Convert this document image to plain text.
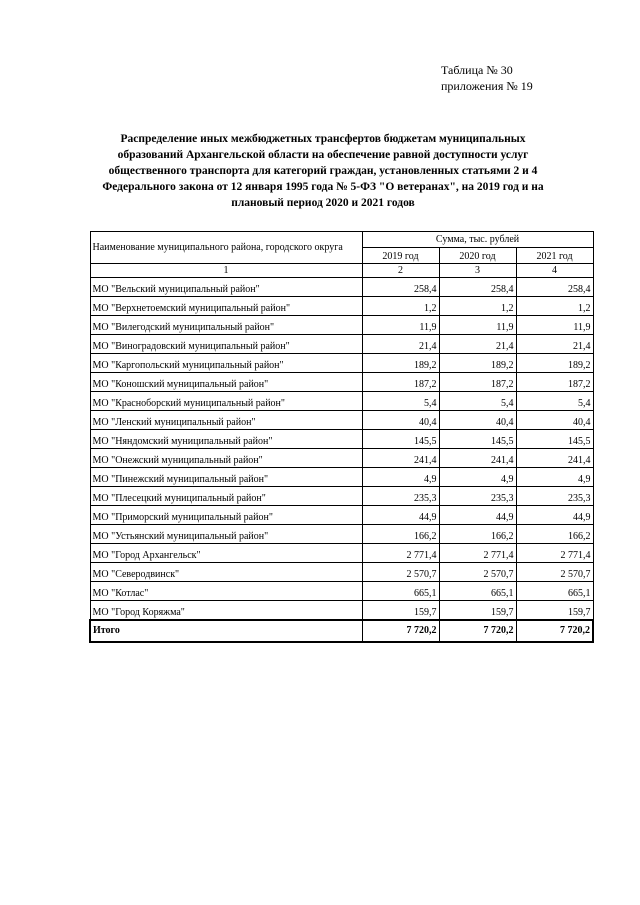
Таблица № 30
приложения № 19
Распределение иных межбюджетных трансфертов бюджетам муниципальных
образований Архангельской области на обеспечение равной доступности услуг
общественного транспорта для категорий граждан, установленных статьями 2 и 4
Федерального закона от 12 января 1995 года № 5-ФЗ "О ветеранах", на 2019 год и на
плановый период 2020 и 2021 годов
Наименование муниципального района, городского округа	Сумма, тыс. рублей		
	2019 год	2020 год	2021 год
1	2	3	4
МО "Вельский муниципальный район"	258,4	258,4	258,4
МО "Верхнетоемский муниципальный район"	1,2	1,2	1,2
МО "Вилегодский муниципальный район"	11,9	11,9	11,9
МО "Виноградовский муниципальный район"	21,4	21,4	21,4
МО "Каргопольский муниципальный район"	189,2	189,2	189,2
МО "Коношский муниципальный район"	187,2	187,2	187,2
МО "Красноборский муниципальный район"	5,4	5,4	5,4
МО "Ленский муниципальный район"	40,4	40,4	40,4
МО "Няндомский муниципальный район"	145,5	145,5	145,5
МО "Онежский муниципальный район"	241,4	241,4	241,4
МО "Пинежский муниципальный район"	4,9	4,9	4,9
МО "Плесецкий муниципальный район"	235,3	235,3	235,3
МО "Приморский муниципальный район"	44,9	44,9	44,9
МО "Устьянский муниципальный район"	166,2	166,2	166,2
МО "Город Архангельск"	2 771,4	2 771,4	2 771,4
МО "Северодвинск"	2 570,7	2 570,7	2 570,7
МО "Котлас"	665,1	665,1	665,1
МО "Город Коряжма"	159,7	159,7	159,7
Итого	7 720,2	7 720,2	7 720,2
